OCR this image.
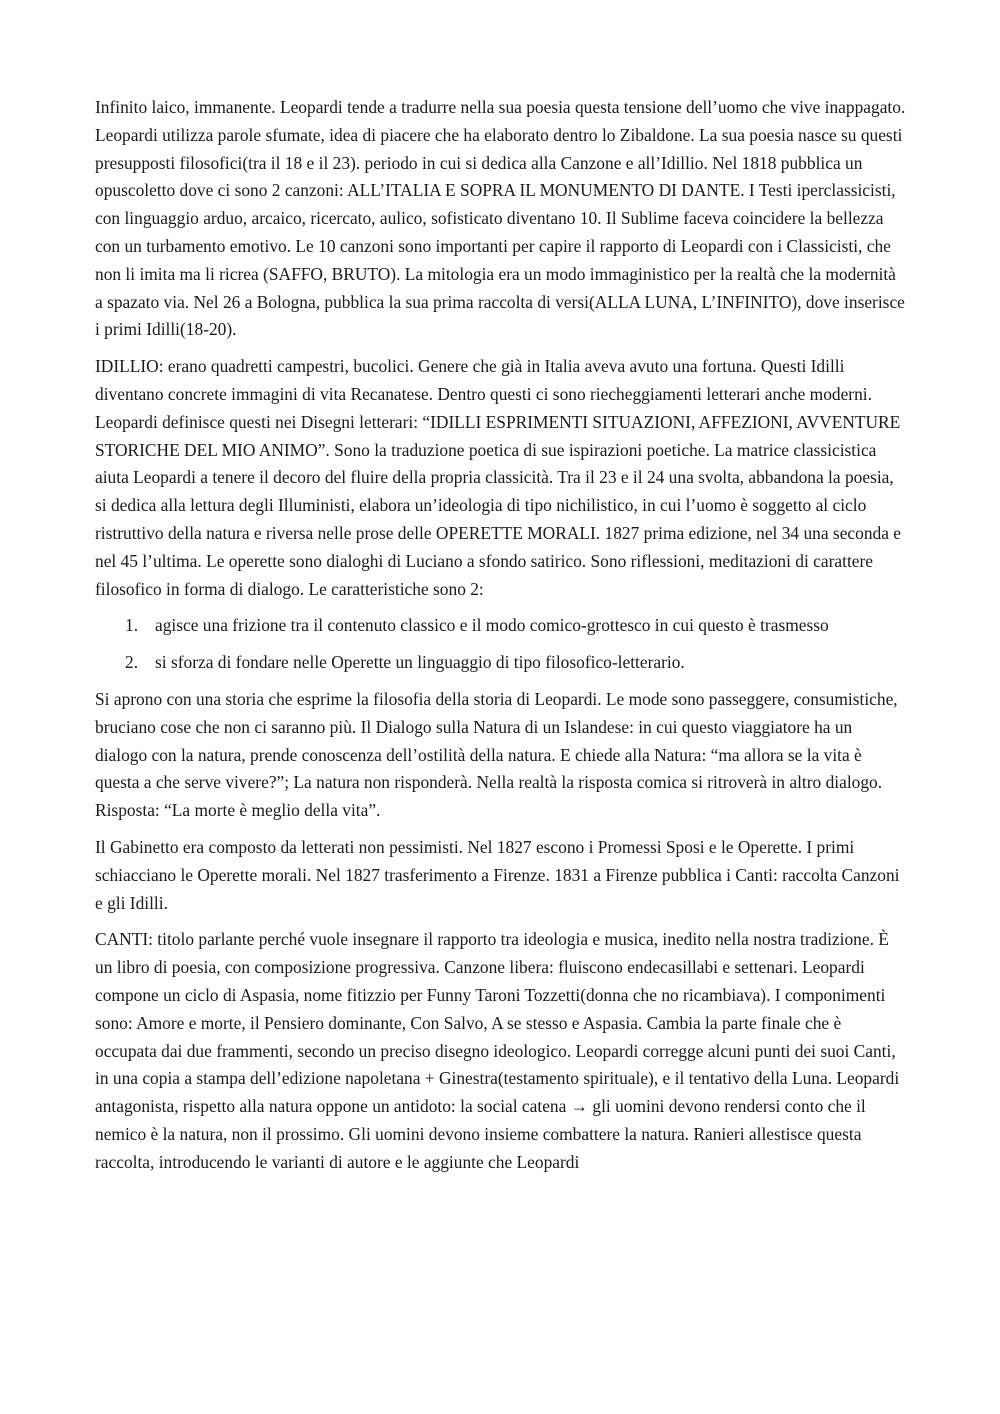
Infinito laico, immanente. Leopardi tende a tradurre nella sua poesia questa tensione dell’uomo che vive inappagato. Leopardi utilizza parole sfumate, idea di piacere che ha elaborato dentro lo Zibaldone. La sua poesia nasce su questi presupposti filosofici(tra il 18 e il 23). periodo in cui si dedica alla Canzone e all’Idillio. Nel 1818 pubblica un opuscoletto dove ci sono 2 canzoni: ALL’ITALIA E SOPRA IL MONUMENTO DI DANTE. I Testi iperclassicisti, con linguaggio arduo, arcaico, ricercato, aulico, sofisticato diventano 10. Il Sublime faceva coincidere la bellezza con un turbamento emotivo. Le 10 canzoni sono importanti per capire il rapporto di Leopardi con i Classicisti, che non li imita ma li ricrea (SAFFO, BRUTO). La mitologia era un modo immaginistico per la realtà che la modernità a spazato via. Nel 26 a Bologna, pubblica la sua prima raccolta di versi(ALLA LUNA, L’INFINITO), dove inserisce i primi Idilli(18-20).

IDILLIO: erano quadretti campestri, bucolici. Genere che già in Italia aveva avuto una fortuna. Questi Idilli diventano concrete immagini di vita Recanatese. Dentro questi ci sono riecheggiamenti letterari anche moderni. Leopardi definisce questi nei Disegni letterari: “IDILLI ESPRIMENTI SITUAZIONI, AFFEZIONI, AVVENTURE STORICHE DEL MIO ANIMO”. Sono la traduzione poetica di sue ispirazioni poetiche. La matrice classicistica aiuta Leopardi a tenere il decoro del fluire della propria classicità. Tra il 23 e il 24 una svolta, abbandona la poesia, si dedica alla lettura degli Illuministi, elabora un’ideologia di tipo nichilistico, in cui l’uomo è soggetto al ciclo ristruttivo della natura e riversa nelle prose delle OPERETTE MORALI. 1827 prima edizione, nel 34 una seconda e nel 45 l’ultima. Le operette sono dialoghi di Luciano a sfondo satirico. Sono riflessioni, meditazioni di carattere filosofico in forma di dialogo. Le caratteristiche sono 2:

1. agisce una frizione tra il contenuto classico e il modo comico-grottesco in cui questo è trasmesso
2. si sforza di fondare nelle Operette un linguaggio di tipo filosofico-letterario.

Si aprono con una storia che esprime la filosofia della storia di Leopardi. Le mode sono passeggere, consumistiche, bruciano cose che non ci saranno più. Il Dialogo sulla Natura di un Islandese: in cui questo viaggiatore ha un dialogo con la natura, prende conoscenza dell’ostilità della natura. E chiede alla Natura: “ma allora se la vita è questa a che serve vivere?”; La natura non risponderà. Nella realtà la risposta comica si ritroverà in altro dialogo. Risposta: “La morte è meglio della vita”.

Il Gabinetto era composto da letterati non pessimisti. Nel 1827 escono i Promessi Sposi e le Operette. I primi schiacciano le Operette morali. Nel 1827 trasferimento a Firenze. 1831 a Firenze pubblica i Canti: raccolta Canzoni e gli Idilli.

CANTI: titolo parlante perché vuole insegnare il rapporto tra ideologia e musica, inedito nella nostra tradizione. È un libro di poesia, con composizione progressiva. Canzone libera: fluiscono endecasillabi e settenari. Leopardi compone un ciclo di Aspasia, nome fitizzio per Funny Taroni Tozzetti(donna che no ricambiava). I componimenti sono: Amore e morte, il Pensiero dominante, Con Salvo, A se stesso e Aspasia. Cambia la parte finale che è occupata dai due frammenti, secondo un preciso disegno ideologico. Leopardi corregge alcuni punti dei suoi Canti, in una copia a stampa dell’edizione napoletana + Ginestra(testamento spirituale), e il tentativo della Luna. Leopardi antagonista, rispetto alla natura oppone un antidoto: la social catena → gli uomini devono rendersi conto che il nemico è la natura, non il prossimo. Gli uomini devono insieme combattere la natura. Ranieri allestisce questa raccolta, introducendo le varianti di autore e le aggiunte che Leopardi
